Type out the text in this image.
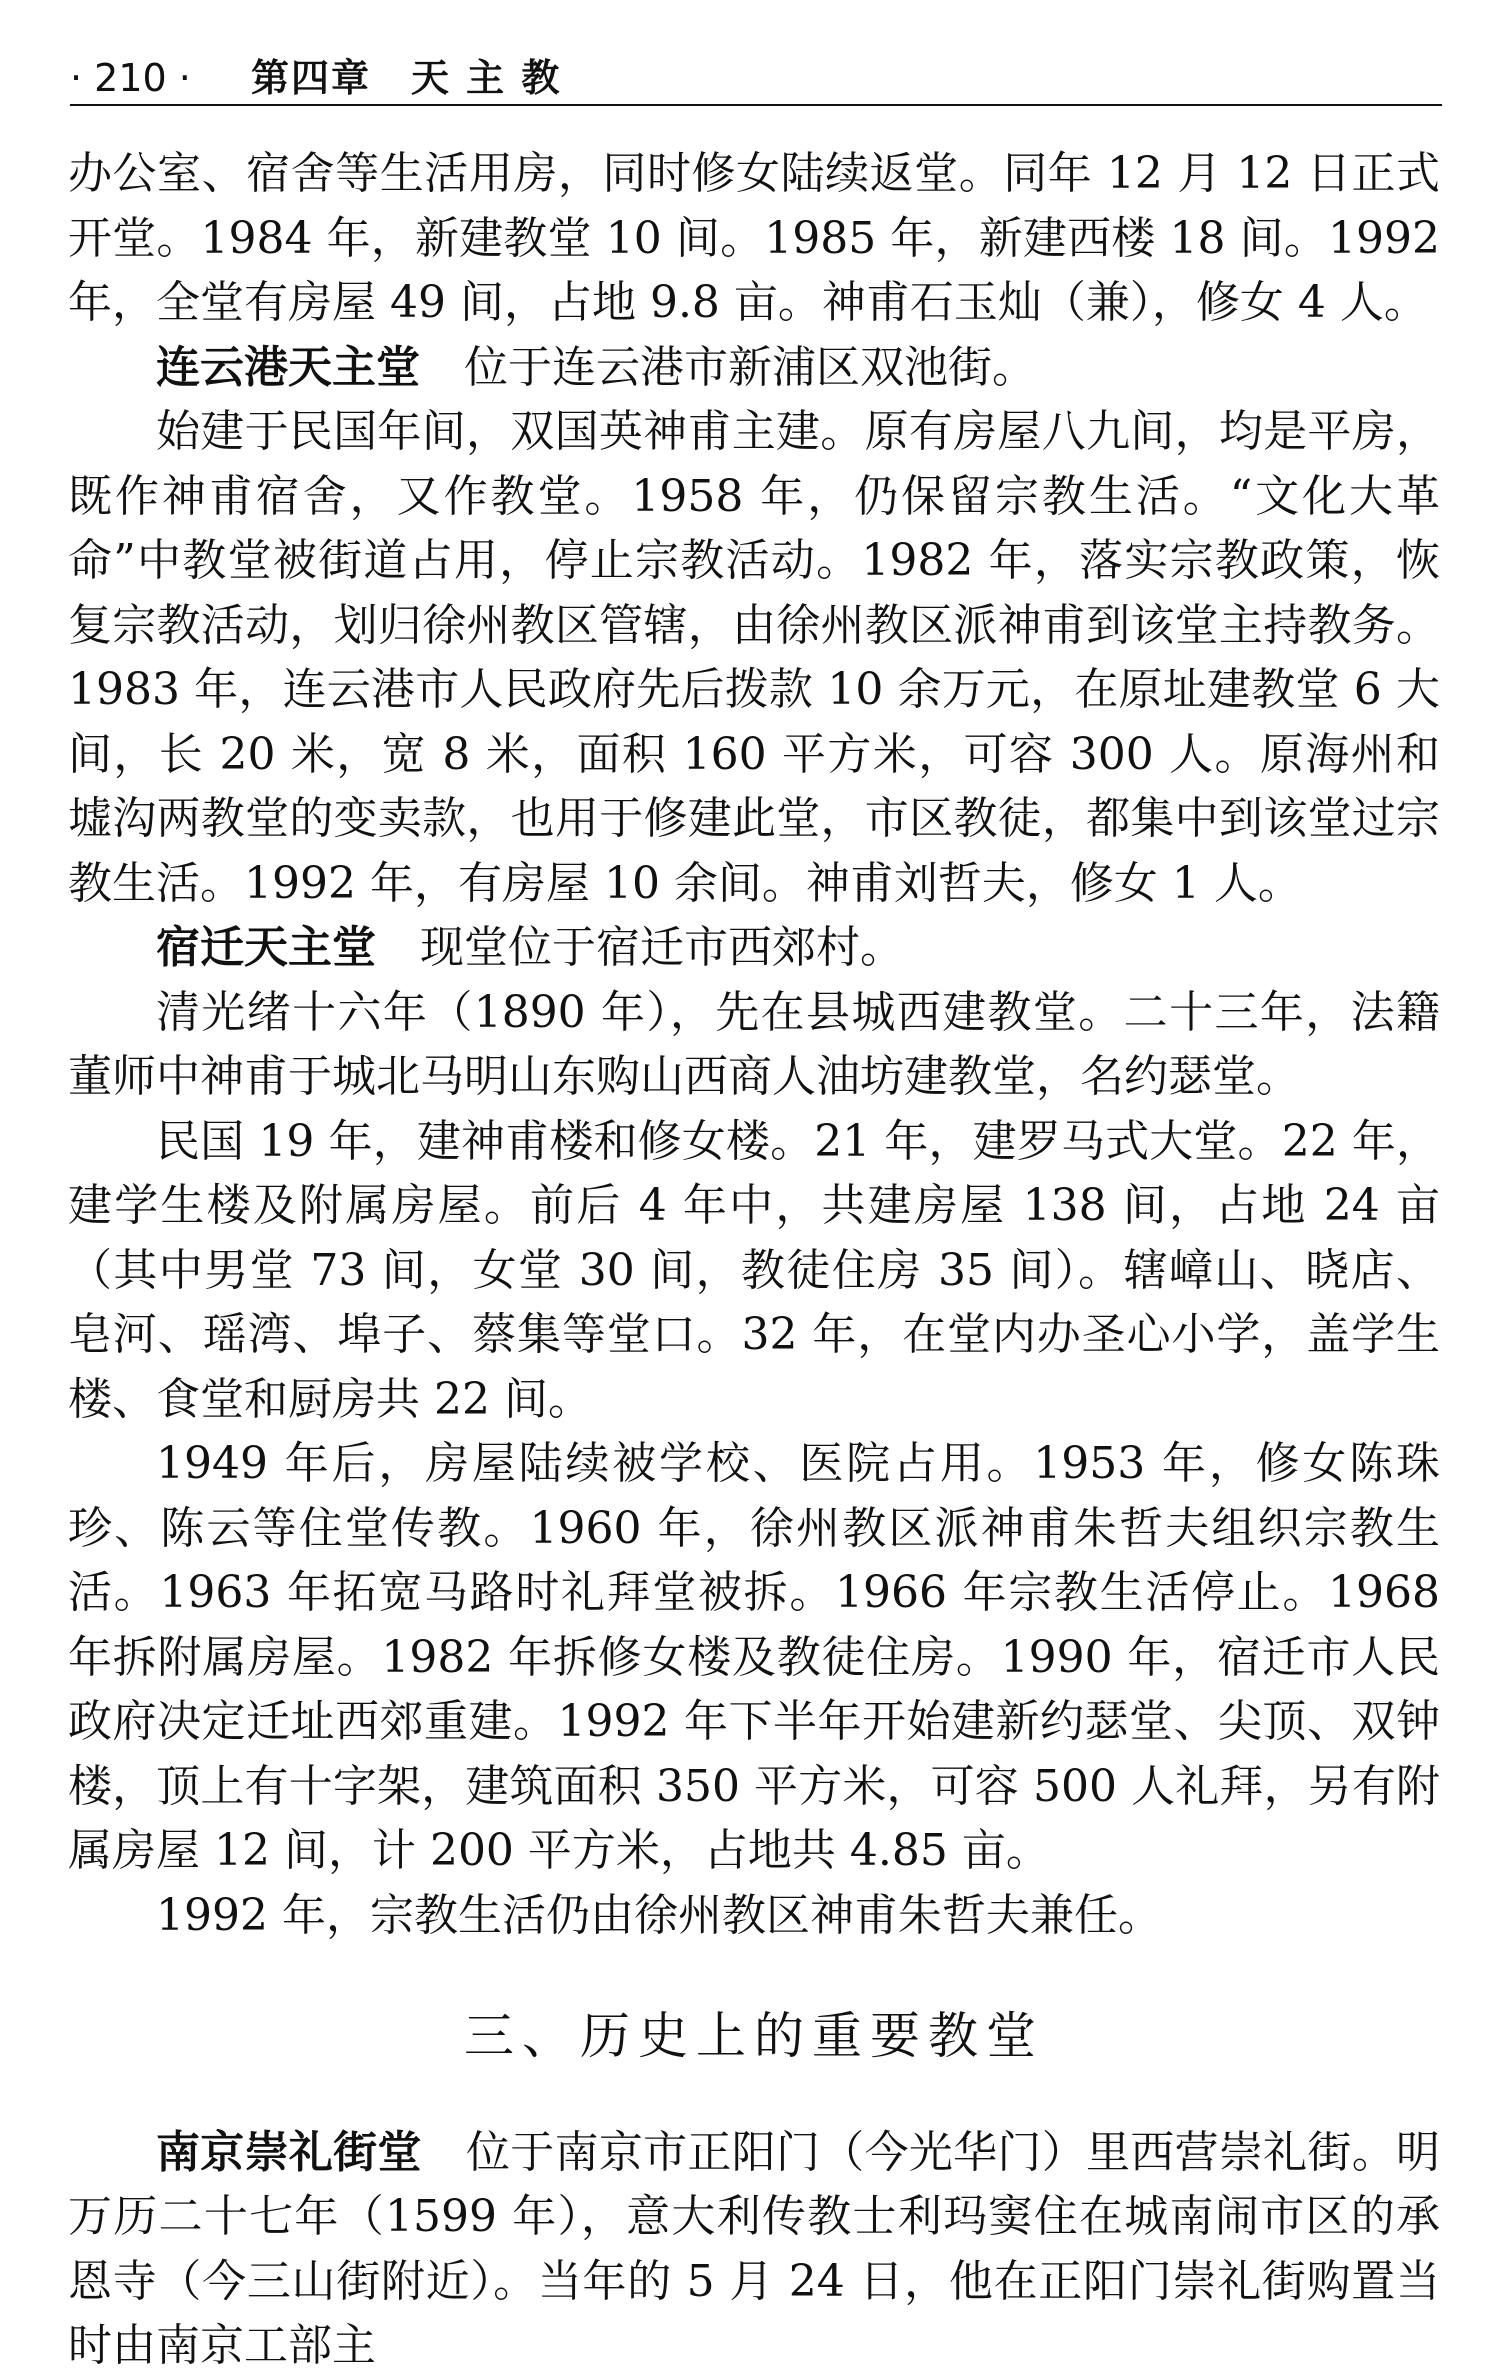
· 210 · 第四章　天 主 教

办公室、宿舍等生活用房，同时修女陆续返堂。同年 12 月 12 日正式开堂。1984 年，新建教堂 10 间。1985 年，新建西楼 18 间。1992 年，全堂有房屋 49 间，占地 9.8 亩。神甫石玉灿（兼），修女 4 人。

连云港天主堂　位于连云港市新浦区双池街。

始建于民国年间，双国英神甫主建。原有房屋八九间，均是平房，既作神甫宿舍，又作教堂。1958 年，仍保留宗教生活。“文化大革命”中教堂被街道占用，停止宗教活动。1982 年，落实宗教政策，恢复宗教活动，划归徐州教区管辖，由徐州教区派神甫到该堂主持教务。1983 年，连云港市人民政府先后拨款 10 余万元，在原址建教堂 6 大间，长 20 米，宽 8 米，面积 160 平方米，可容 300 人。原海州和墟沟两教堂的变卖款，也用于修建此堂，市区教徒，都集中到该堂过宗教生活。1992 年，有房屋 10 余间。神甫刘哲夫，修女 1 人。

宿迁天主堂　现堂位于宿迁市西郊村。

清光绪十六年（1890 年），先在县城西建教堂。二十三年，法籍董师中神甫于城北马明山东购山西商人油坊建教堂，名约瑟堂。

民国 19 年，建神甫楼和修女楼。21 年，建罗马式大堂。22 年，建学生楼及附属房屋。前后 4 年中，共建房屋 138 间，占地 24 亩（其中男堂 73 间，女堂 30 间，教徒住房 35 间）。辖嶂山、晓店、皂河、瑶湾、埠子、蔡集等堂口。32 年，在堂内办圣心小学，盖学生楼、食堂和厨房共 22 间。

1949 年后，房屋陆续被学校、医院占用。1953 年，修女陈珠珍、陈云等住堂传教。1960 年，徐州教区派神甫朱哲夫组织宗教生活。1963 年拓宽马路时礼拜堂被拆。1966 年宗教生活停止。1968 年拆附属房屋。1982 年拆修女楼及教徒住房。1990 年，宿迁市人民政府决定迁址西郊重建。1992 年下半年开始建新约瑟堂、尖顶、双钟楼，顶上有十字架，建筑面积 350 平方米，可容 500 人礼拜，另有附属房屋 12 间，计 200 平方米，占地共 4.85 亩。

1992 年，宗教生活仍由徐州教区神甫朱哲夫兼任。

三、历史上的重要教堂

南京崇礼街堂　位于南京市正阳门（今光华门）里西营崇礼街。明万历二十七年（1599 年），意大利传教士利玛窦住在城南闹市区的承恩寺（今三山街附近）。当年的 5 月 24 日，他在正阳门崇礼街购置当时由南京工部主
